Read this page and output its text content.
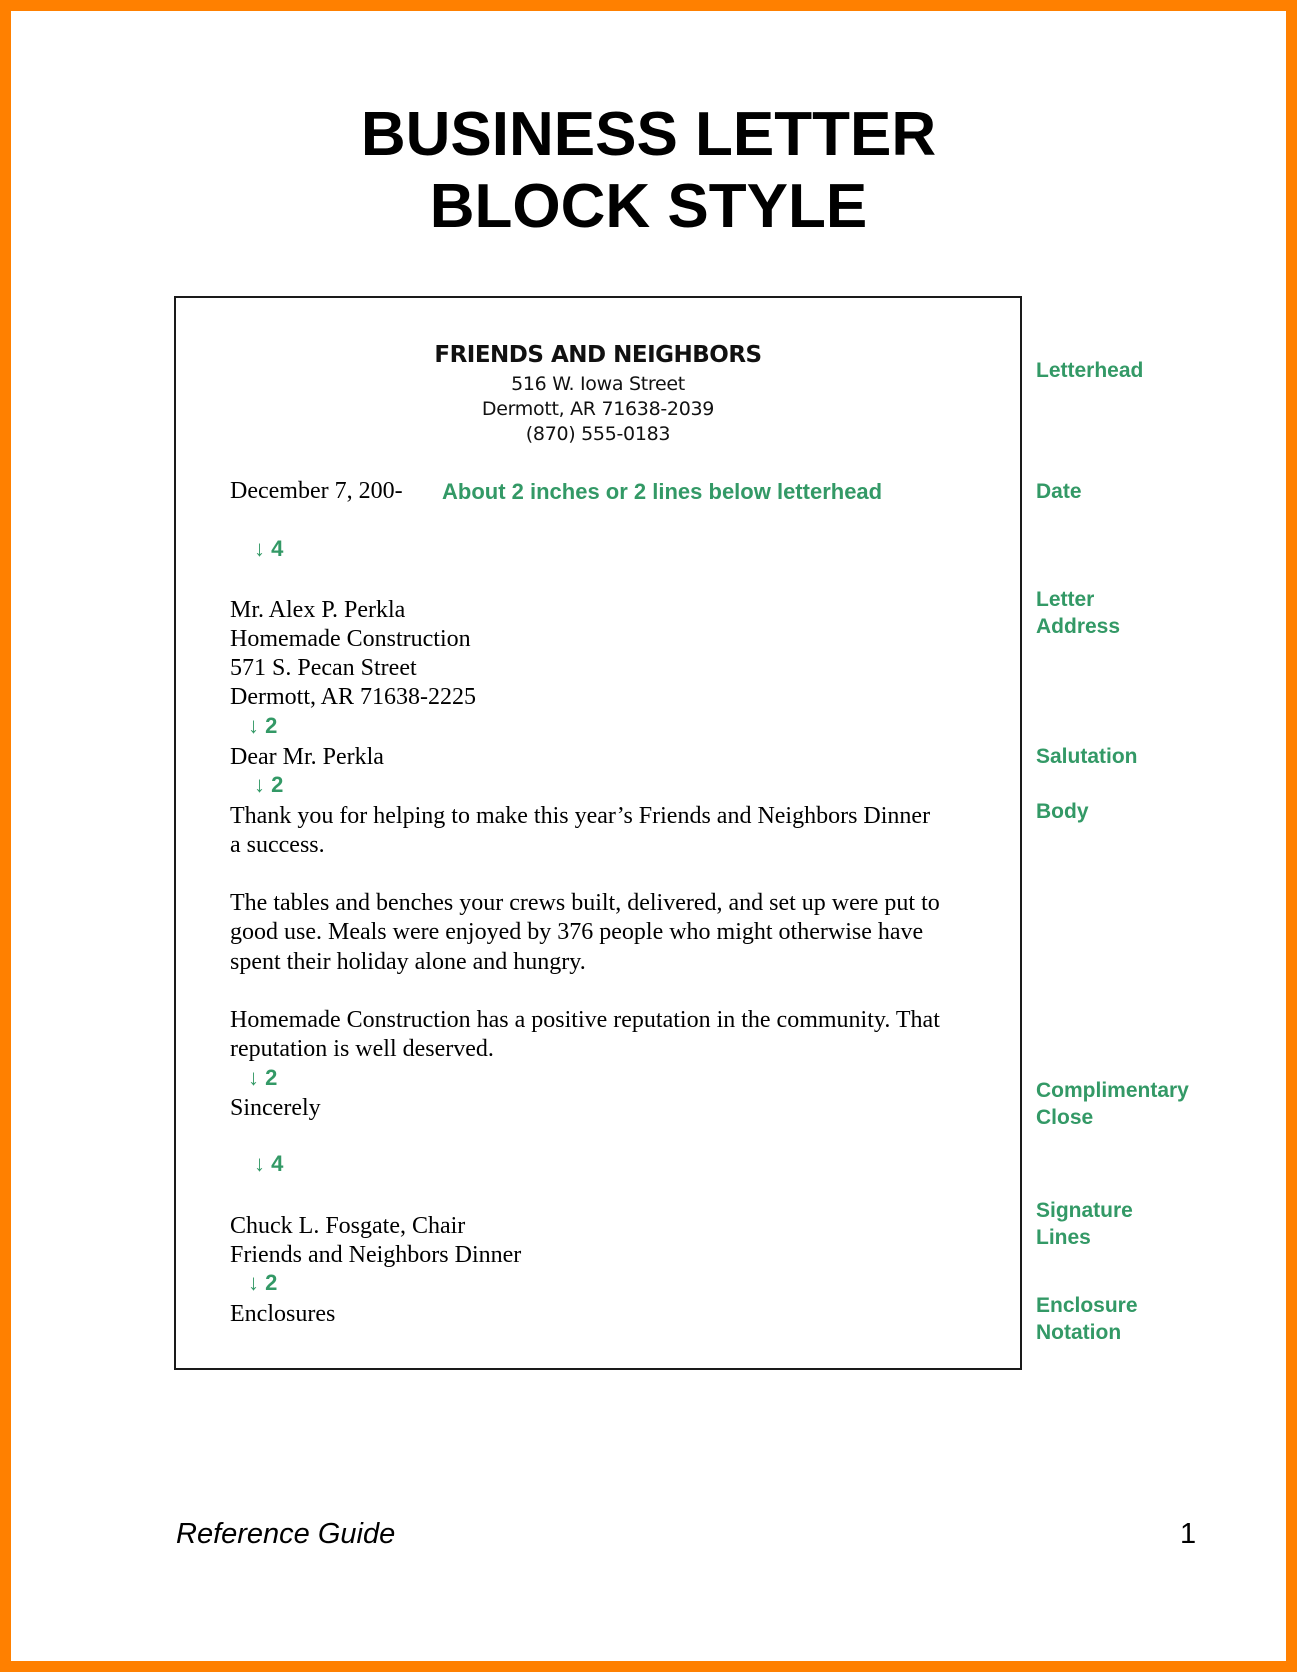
BUSINESS LETTER
BLOCK STYLE
FRIENDS AND NEIGHBORS
516 W. Iowa Street
Dermott, AR 71638-2039
(870) 555-0183
December 7, 200- About 2 inches or 2 lines below letterhead
↓ 4
Mr. Alex P. Perkla
Homemade Construction
571 S. Pecan Street
Dermott, AR 71638-2225
↓ 2
Dear Mr. Perkla
↓ 2
Thank you for helping to make this year’s Friends and Neighbors Dinner
a success.
The tables and benches your crews built, delivered, and set up were put to
good use. Meals were enjoyed by 376 people who might otherwise have
spent their holiday alone and hungry.
Homemade Construction has a positive reputation in the community. That
reputation is well deserved.
↓ 2
Sincerely
↓ 4
Chuck L. Fosgate, Chair
Friends and Neighbors Dinner
↓ 2
Enclosures
Letterhead
Date
Letter
Address
Salutation
Body
Complimentary
Close
Signature
Lines
Enclosure
Notation
Reference Guide	1
